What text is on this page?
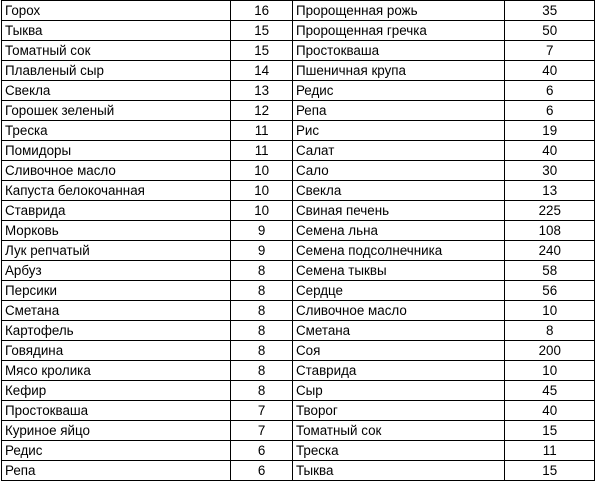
Горох	16	Пророщенная рожь	35
Тыква	15	Пророщенная гречка	50
Томатный сок	15	Простокваша	7
Плавленый сыр	14	Пшеничная крупа	40
Свекла	13	Редис	6
Горошек зеленый	12	Репа	6
Треска	11	Рис	19
Помидоры	11	Салат	40
Сливочное масло	10	Сало	30
Капуста белокочанная	10	Свекла	13
Ставрида	10	Свиная печень	225
Морковь	9	Семена льна	108
Лук репчатый	9	Семена подсолнечника	240
Арбуз	8	Семена тыквы	58
Персики	8	Сердце	56
Сметана	8	Сливочное масло	10
Картофель	8	Сметана	8
Говядина	8	Соя	200
Мясо кролика	8	Ставрида	10
Кефир	8	Сыр	45
Простокваша	7	Творог	40
Куриное яйцо	7	Томатный сок	15
Редис	6	Треска	11
Репа	6	Тыква	15
